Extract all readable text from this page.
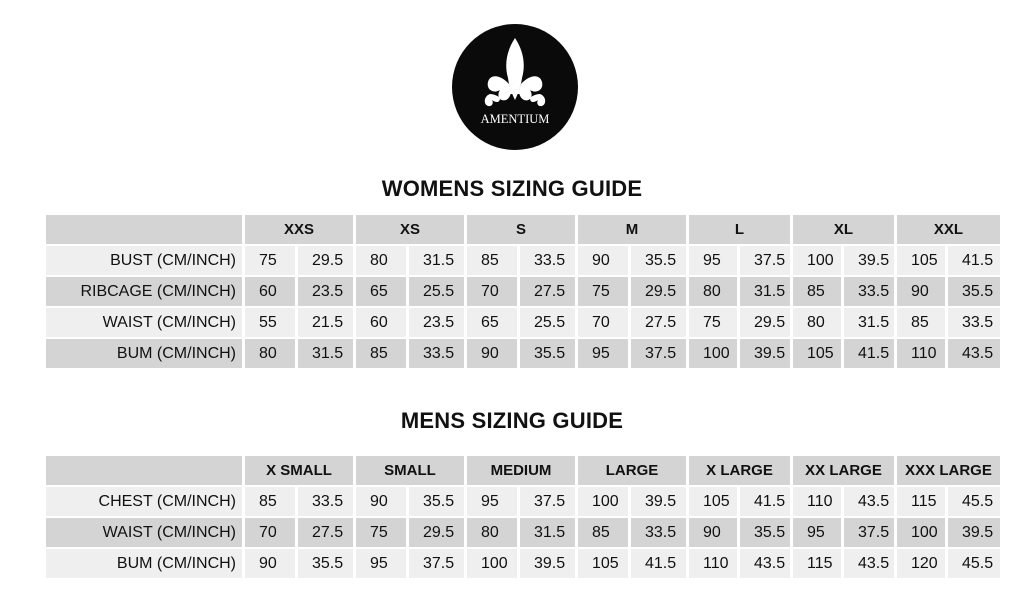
AMENTIUM
WOMENS SIZING GUIDE
	XXS		XS		S		M		L		XL		XXL	
BUST (CM/INCH)	75	29.5	80	31.5	85	33.5	90	35.5	95	37.5	100	39.5	105	41.5
RIBCAGE (CM/INCH)	60	23.5	65	25.5	70	27.5	75	29.5	80	31.5	85	33.5	90	35.5
WAIST (CM/INCH)	55	21.5	60	23.5	65	25.5	70	27.5	75	29.5	80	31.5	85	33.5
BUM (CM/INCH)	80	31.5	85	33.5	90	35.5	95	37.5	100	39.5	105	41.5	110	43.5
MENS SIZING GUIDE
	X SMALL		SMALL		MEDIUM		LARGE		X LARGE		XX LARGE		XXX LARGE	
CHEST (CM/INCH)	85	33.5	90	35.5	95	37.5	100	39.5	105	41.5	110	43.5	115	45.5
WAIST (CM/INCH)	70	27.5	75	29.5	80	31.5	85	33.5	90	35.5	95	37.5	100	39.5
BUM (CM/INCH)	90	35.5	95	37.5	100	39.5	105	41.5	110	43.5	115	43.5	120	45.5
